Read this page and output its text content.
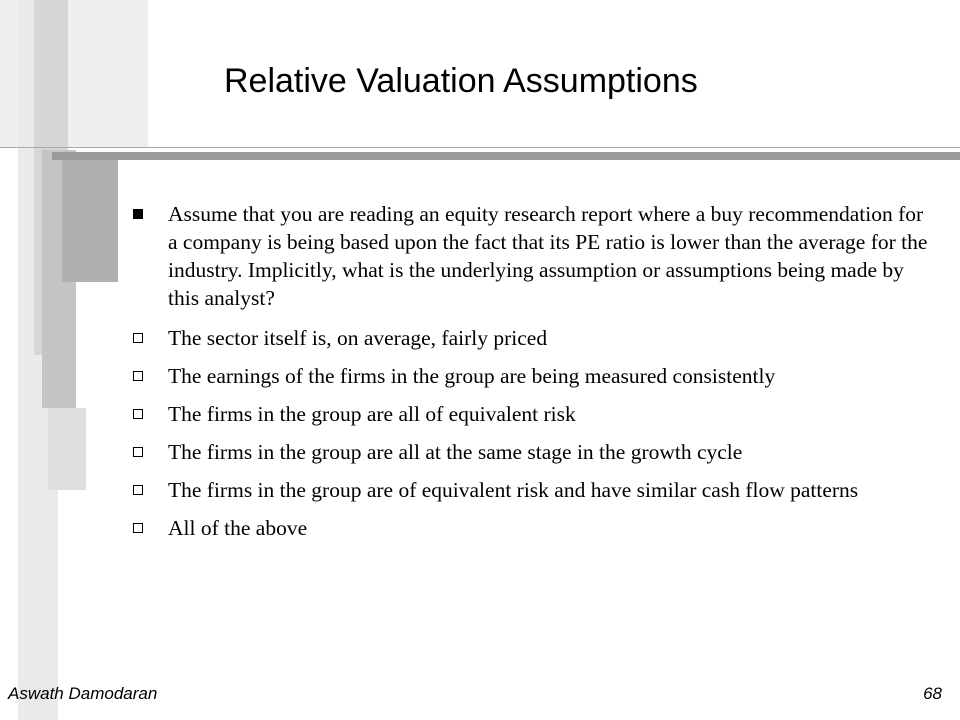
Relative Valuation Assumptions
Assume that you are reading an equity research report where a buy recommendation for a company is being based upon the fact that its PE ratio is lower than the average for the industry. Implicitly, what is the underlying assumption or assumptions being made by this analyst?
The sector itself is, on average, fairly priced
The earnings of the firms in the group are being measured consistently
The firms in the group are all of equivalent risk
The firms in the group are all at the same stage in the growth cycle
The firms in the group are of equivalent risk and have similar cash flow patterns
All of the above
Aswath Damodaran	68
